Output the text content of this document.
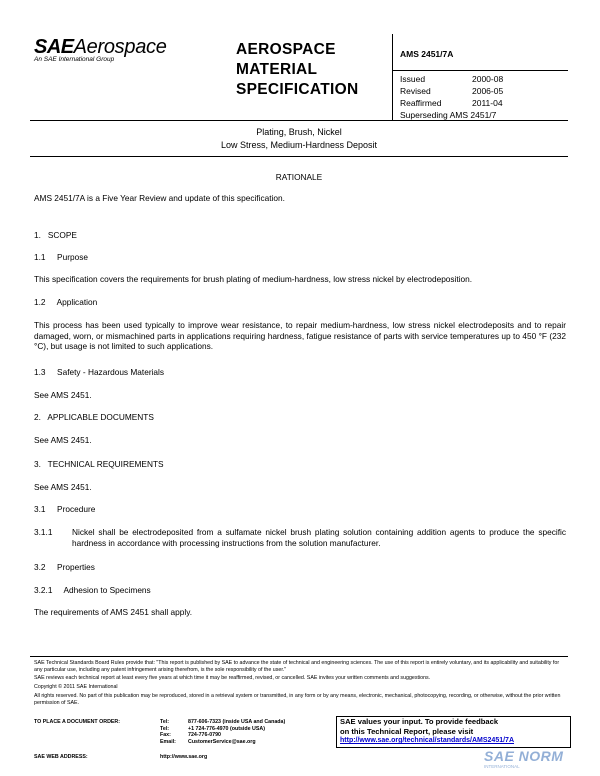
SAEAerospace
An SAE International Group
AEROSPACE
MATERIAL
SPECIFICATION
AMS 2451/7A
Issued	2000-08
Revised	2006-05
Reaffirmed	2011-04
Superseding AMS 2451/7
Plating, Brush, Nickel
Low Stress, Medium-Hardness Deposit
RATIONALE
AMS 2451/7A is a Five Year Review and update of this specification.
1.   SCOPE
1.1     Purpose
This specification covers the requirements for brush plating of medium-hardness, low stress nickel by electrodeposition.
1.2     Application
This process has been used typically to improve wear resistance, to repair medium-hardness, low stress nickel electrodeposits and to repair damaged, worn, or mismachined parts in applications requiring hardness, fatigue resistance of parts with service temperatures up to 450 °F (232 °C), but usage is not limited to such applications.
1.3     Safety - Hazardous Materials
See AMS 2451.
2.   APPLICABLE DOCUMENTS
See AMS 2451.
3.   TECHNICAL REQUIREMENTS
See AMS 2451.
3.1     Procedure
3.1.1 Nickel shall be electrodeposited from a sulfamate nickel brush plating solution containing addition agents to produce the specific hardness in accordance with processing instructions from the solution manufacturer.
3.2     Properties
3.2.1     Adhesion to Specimens
The requirements of AMS 2451 shall apply.
SAE Technical Standards Board Rules provide that: "This report is published by SAE to advance the state of technical and engineering sciences. The use of this report is entirely voluntary, and its applicability and suitability for any particular use, including any patent infringement arising therefrom, is the sole responsibility of the user."
SAE reviews each technical report at least every five years at which time it may be reaffirmed, revised, or cancelled. SAE invites your written comments and suggestions.
Copyright © 2011 SAE International
All rights reserved. No part of this publication may be reproduced, stored in a retrieval system or transmitted, in any form or by any means, electronic, mechanical, photocopying, recording, or otherwise, without the prior written permission of SAE.
TO PLACE A DOCUMENT ORDER:	Tel:	877-606-7323 (inside USA and Canada)
Tel:	+1 724-776-4970 (outside USA)
Fax:	724-776-0790
Email:	CustomerService@sae.org
SAE WEB ADDRESS:	http://www.sae.org
SAE values your input. To provide feedback
on this Technical Report, please visit
http://www.sae.org/technical/standards/AMS2451/7A
SAE NORM
INTERNATIONAL
